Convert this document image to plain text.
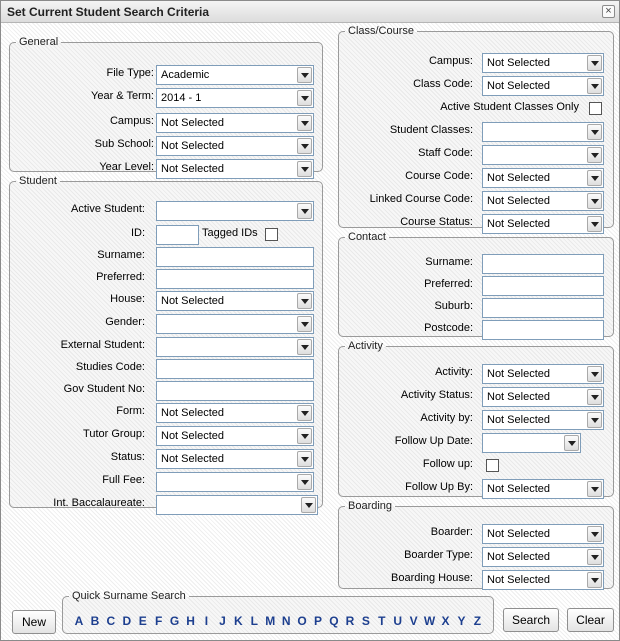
Set Current Student Search Criteria	×
General
File Type: Academic
Year & Term: 2014 - 1
Campus: Not Selected
Sub School: Not Selected
Year Level: Not Selected
Student
Active Student:
ID:	Tagged IDs
Surname:
Preferred:
House: Not Selected
Gender:
External Student:
Studies Code:
Gov Student No:
Form: Not Selected
Tutor Group: Not Selected
Status: Not Selected
Full Fee:
Int. Baccalaureate:
Class/Course
Campus: Not Selected
Class Code: Not Selected
Active Student Classes Only
Student Classes:
Staff Code:
Course Code: Not Selected
Linked Course Code: Not Selected
Course Status: Not Selected
Contact
Surname:
Preferred:
Suburb:
Postcode:
Activity
Activity: Not Selected
Activity Status: Not Selected
Activity by: Not Selected
Follow Up Date:
Follow up:
Follow Up By: Not Selected
Boarding
Boarder: Not Selected
Boarder Type: Not Selected
Boarding House: Not Selected
Quick Surname Search
A B C D E F G H I J K L M N O P Q R S T U V W X Y Z
New	Search	Clear
